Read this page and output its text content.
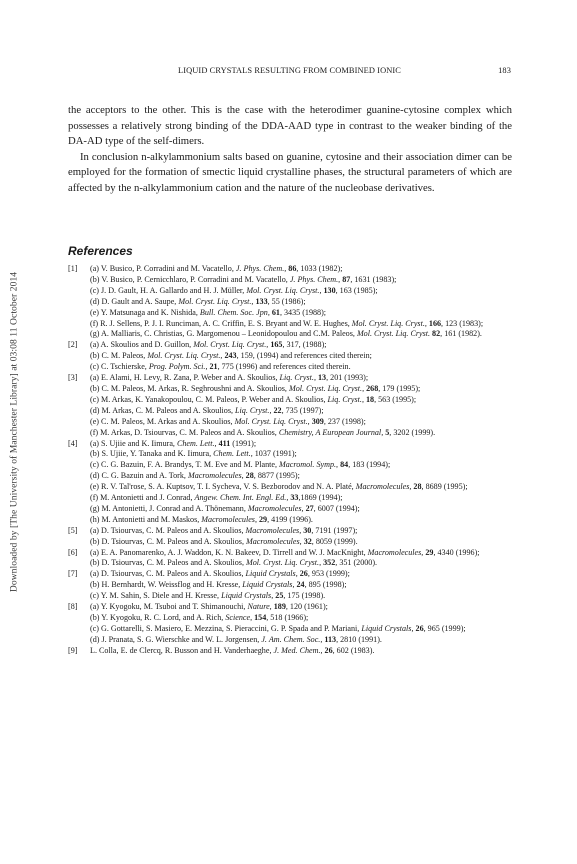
Downloaded by [The University of Manchester Library] at 03:08 11 October 2014
LIQUID CRYSTALS RESULTING FROM COMBINED IONIC	183

the acceptors to the other. This is the case with the heterodimer guanine-cytosine complex which possesses a relatively strong binding of the DDA-AAD type in contrast to the weaker binding of the DA-AD type of the self-dimers.

In conclusion n-alkylammonium salts based on guanine, cytosine and their association dimer can be employed for the formation of smectic liquid crystalline phases, the structural parameters of which are affected by the n-alkylammonium cation and the nature of the nucleobase derivatives.

References
[1] (a) V. Busico, P. Corradini and M. Vacatello, J. Phys. Chem., 86, 1033 (1982);
(b) V. Busico, P. Cernicchlaro, P. Corradini and M. Vacatello, J. Phys. Chem., 87, 1631 (1983);
(c) J. D. Gault, H. A. Gallardo and H. J. Müller, Mol. Cryst. Liq. Cryst., 130, 163 (1985);
(d) D. Gault and A. Saupe, Mol. Cryst. Liq. Cryst., 133, 55 (1986);
(e) Y. Matsunaga and K. Nishida, Bull. Chem. Soc. Jpn, 61, 3435 (1988);
(f) R. J. Sellens, P. J. I. Runciman, A. C. Criffin, E. S. Bryant and W. E. Hughes, Mol. Cryst. Liq. Cryst., 166, 123 (1983);
(g) A. Malliaris, C. Christias, G. Margomenou – Leonidopoulou and C.M. Paleos, Mol. Cryst. Liq. Cryst. 82, 161 (1982).
[2] (a) A. Skoulios and D. Guillon, Mol. Cryst. Liq. Cryst., 165, 317, (1988);
(b) C. M. Paleos, Mol. Cryst. Liq. Cryst., 243, 159, (1994) and references cited therein;
(c) C. Tschierske, Prog. Polym. Sci., 21, 775 (1996) and references cited therein.
[3] (a) E. Alami, H. Levy, R. Zana, P. Weber and A. Skoulios, Liq. Cryst., 13, 201 (1993);
(b) C. M. Paleos, M. Arkas, R. Seghroushni and A. Skoulios, Mol. Cryst. Liq. Cryst., 268, 179 (1995);
(c) M. Arkas, K. Yanakopoulou, C. M. Paleos, P. Weber and A. Skoulios, Liq. Cryst., 18, 563 (1995);
(d) M. Arkas, C. M. Paleos and A. Skoulios, Liq. Cryst., 22, 735 (1997);
(e) C. M. Paleos, M. Arkas and A. Skoulios, Mol. Cryst. Liq. Cryst., 309, 237 (1998);
(f) M. Arkas, D. Tsiourvas, C. M. Paleos and A. Skoulios, Chemistry, A European Journal, 5, 3202 (1999).
[4] (a) S. Ujiie and K. Iimura, Chem. Lett., 411 (1991);
(b) S. Ujiie, Y. Tanaka and K. Iimura, Chem. Lett., 1037 (1991);
(c) C. G. Bazuin, F. A. Brandys, T. M. Eve and M. Plante, Macromol. Symp., 84, 183 (1994);
(d) C. G. Bazuin and A. Tork, Macromolecules, 28, 8877 (1995);
(e) R. V. Tal'rose, S. A. Kuptsov, T. I. Sycheva, V. S. Bezborodov and N. A. Platé, Macromolecules, 28, 8689 (1995);
(f) M. Antonietti and J. Conrad, Angew. Chem. Int. Engl. Ed., 33,1869 (1994);
(g) M. Antonietti, J. Conrad and A. Thönemann, Macromolecules, 27, 6007 (1994);
(h) M. Antonietti and M. Maskos, Macromolecules, 29, 4199 (1996).
[5] (a) D. Tsiourvas, C. M. Paleos and A. Skoulios, Macromolecules, 30, 7191 (1997);
(b) D. Tsiourvas, C. M. Paleos and A. Skoulios, Macromolecules, 32, 8059 (1999).
[6] (a) E. A. Panomarenko, A. J. Waddon, K. N. Bakeev, D. Tirrell and W. J. MacKnight, Macromolecules, 29, 4340 (1996);
(b) D. Tsiourvas, C. M. Paleos and A. Skoulios, Mol. Cryst. Liq. Cryst., 352, 351 (2000).
[7] (a) D. Tsiourvas, C. M. Paleos and A. Skoulios, Liquid Crystals, 26, 953 (1999);
(b) H. Bernhardt, W. Weissflog and H. Kresse, Liquid Crystals, 24, 895 (1998);
(c) Y. M. Sahin, S. Diele and H. Kresse, Liquid Crystals, 25, 175 (1998).
[8] (a) Y. Kyogoku, M. Tsuboi and T. Shimanouchi, Nature, 189, 120 (1961);
(b) Y. Kyogoku, R. C. Lord, and A. Rich, Science, 154, 518 (1966);
(c) G. Gottarelli, S. Masiero, E. Mezzina, S. Pieraccini, G. P. Spada and P. Mariani, Liquid Crystals, 26, 965 (1999);
(d) J. Pranata, S. G. Wierschke and W. L. Jorgensen, J. Am. Chem. Soc., 113, 2810 (1991).
[9] L. Colla, E. de Clercq, R. Busson and H. Vanderhaeghe, J. Med. Chem., 26, 602 (1983).
